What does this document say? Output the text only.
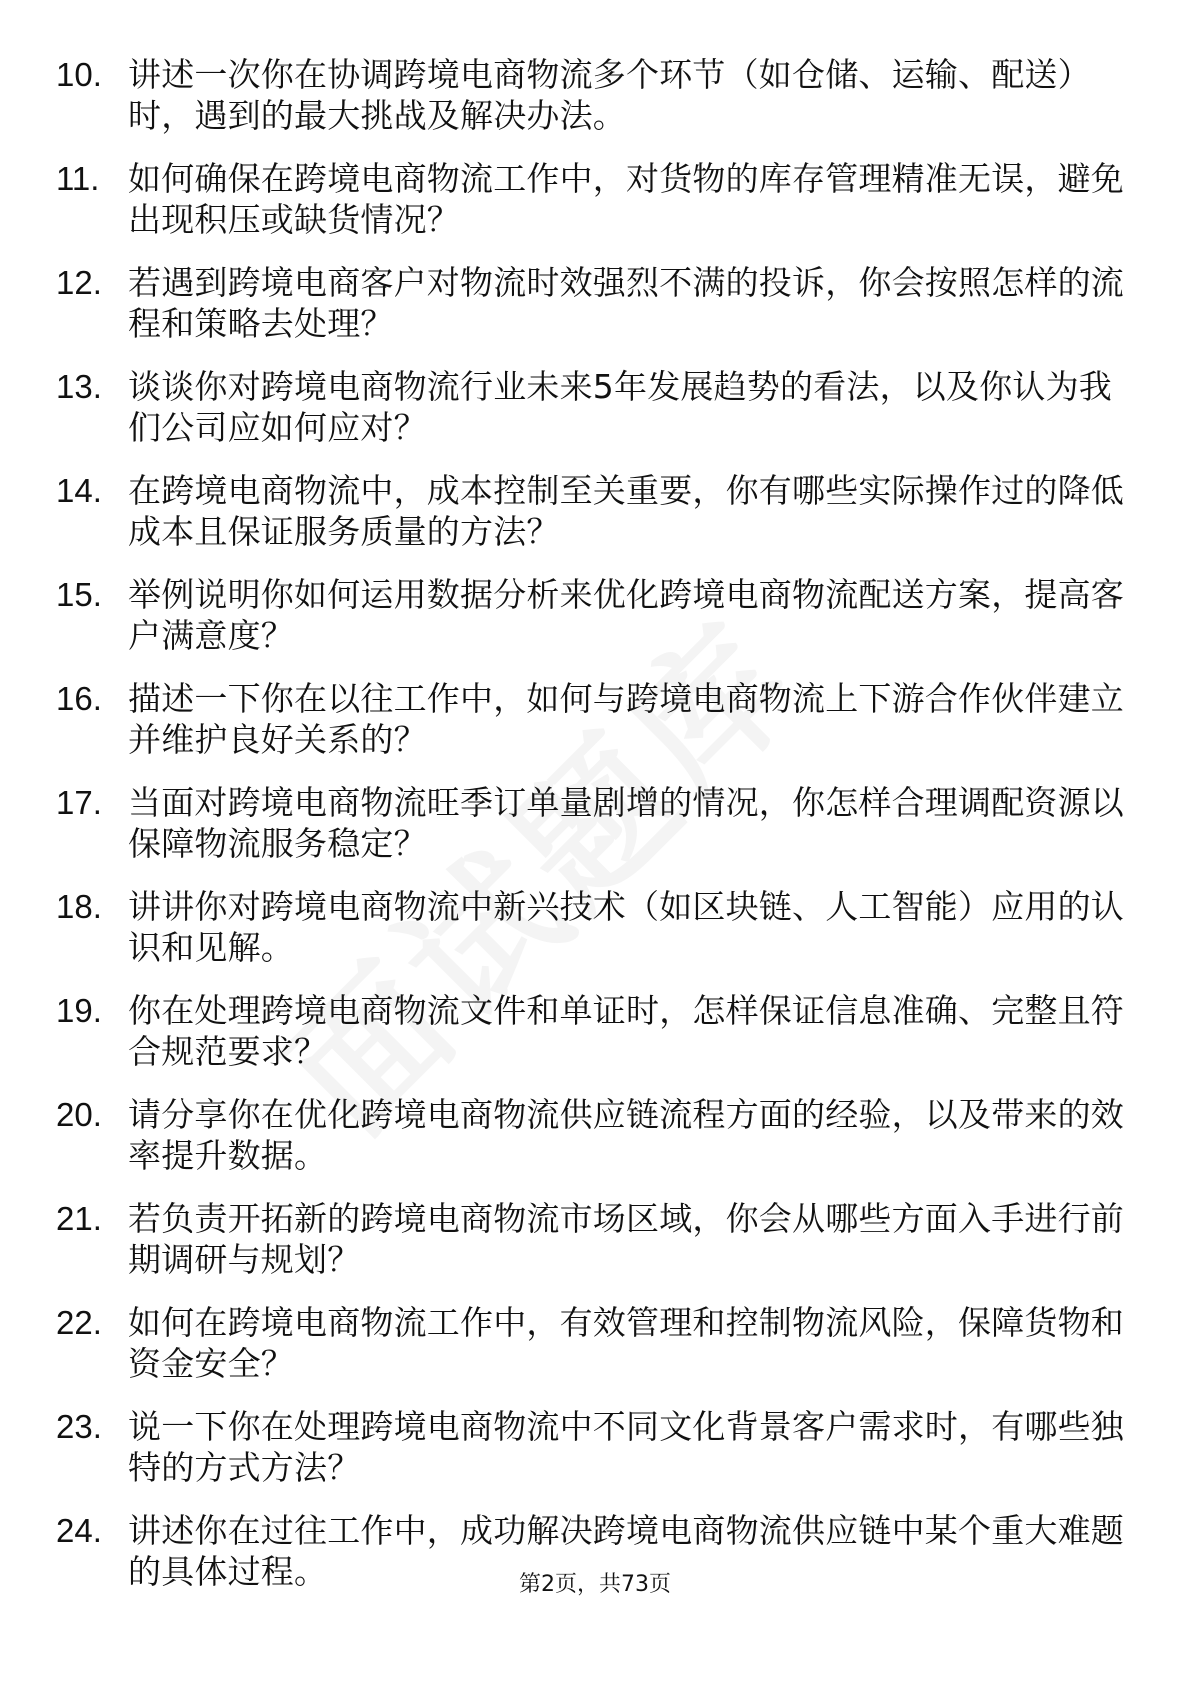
10. 讲述一次你在协调跨境电商物流多个环节（如仓储、运输、配送）时，遇到的最大挑战及解决办法。
11. 如何确保在跨境电商物流工作中，对货物的库存管理精准无误，避免出现积压或缺货情况？
12. 若遇到跨境电商客户对物流时效强烈不满的投诉，你会按照怎样的流程和策略去处理？
13. 谈谈你对跨境电商物流行业未来5年发展趋势的看法，以及你认为我们公司应如何应对？
14. 在跨境电商物流中，成本控制至关重要，你有哪些实际操作过的降低成本且保证服务质量的方法？
15. 举例说明你如何运用数据分析来优化跨境电商物流配送方案，提高客户满意度？
16. 描述一下你在以往工作中，如何与跨境电商物流上下游合作伙伴建立并维护良好关系的？
17. 当面对跨境电商物流旺季订单量剧增的情况，你怎样合理调配资源以保障物流服务稳定？
18. 讲讲你对跨境电商物流中新兴技术（如区块链、人工智能）应用的认识和见解。
19. 你在处理跨境电商物流文件和单证时，怎样保证信息准确、完整且符合规范要求？
20. 请分享你在优化跨境电商物流供应链流程方面的经验，以及带来的效率提升数据。
21. 若负责开拓新的跨境电商物流市场区域，你会从哪些方面入手进行前期调研与规划？
22. 如何在跨境电商物流工作中，有效管理和控制物流风险，保障货物和资金安全？
23. 说一下你在处理跨境电商物流中不同文化背景客户需求时，有哪些独特的方式方法？
24. 讲述你在过往工作中，成功解决跨境电商物流供应链中某个重大难题的具体过程。	第2页，共73页
